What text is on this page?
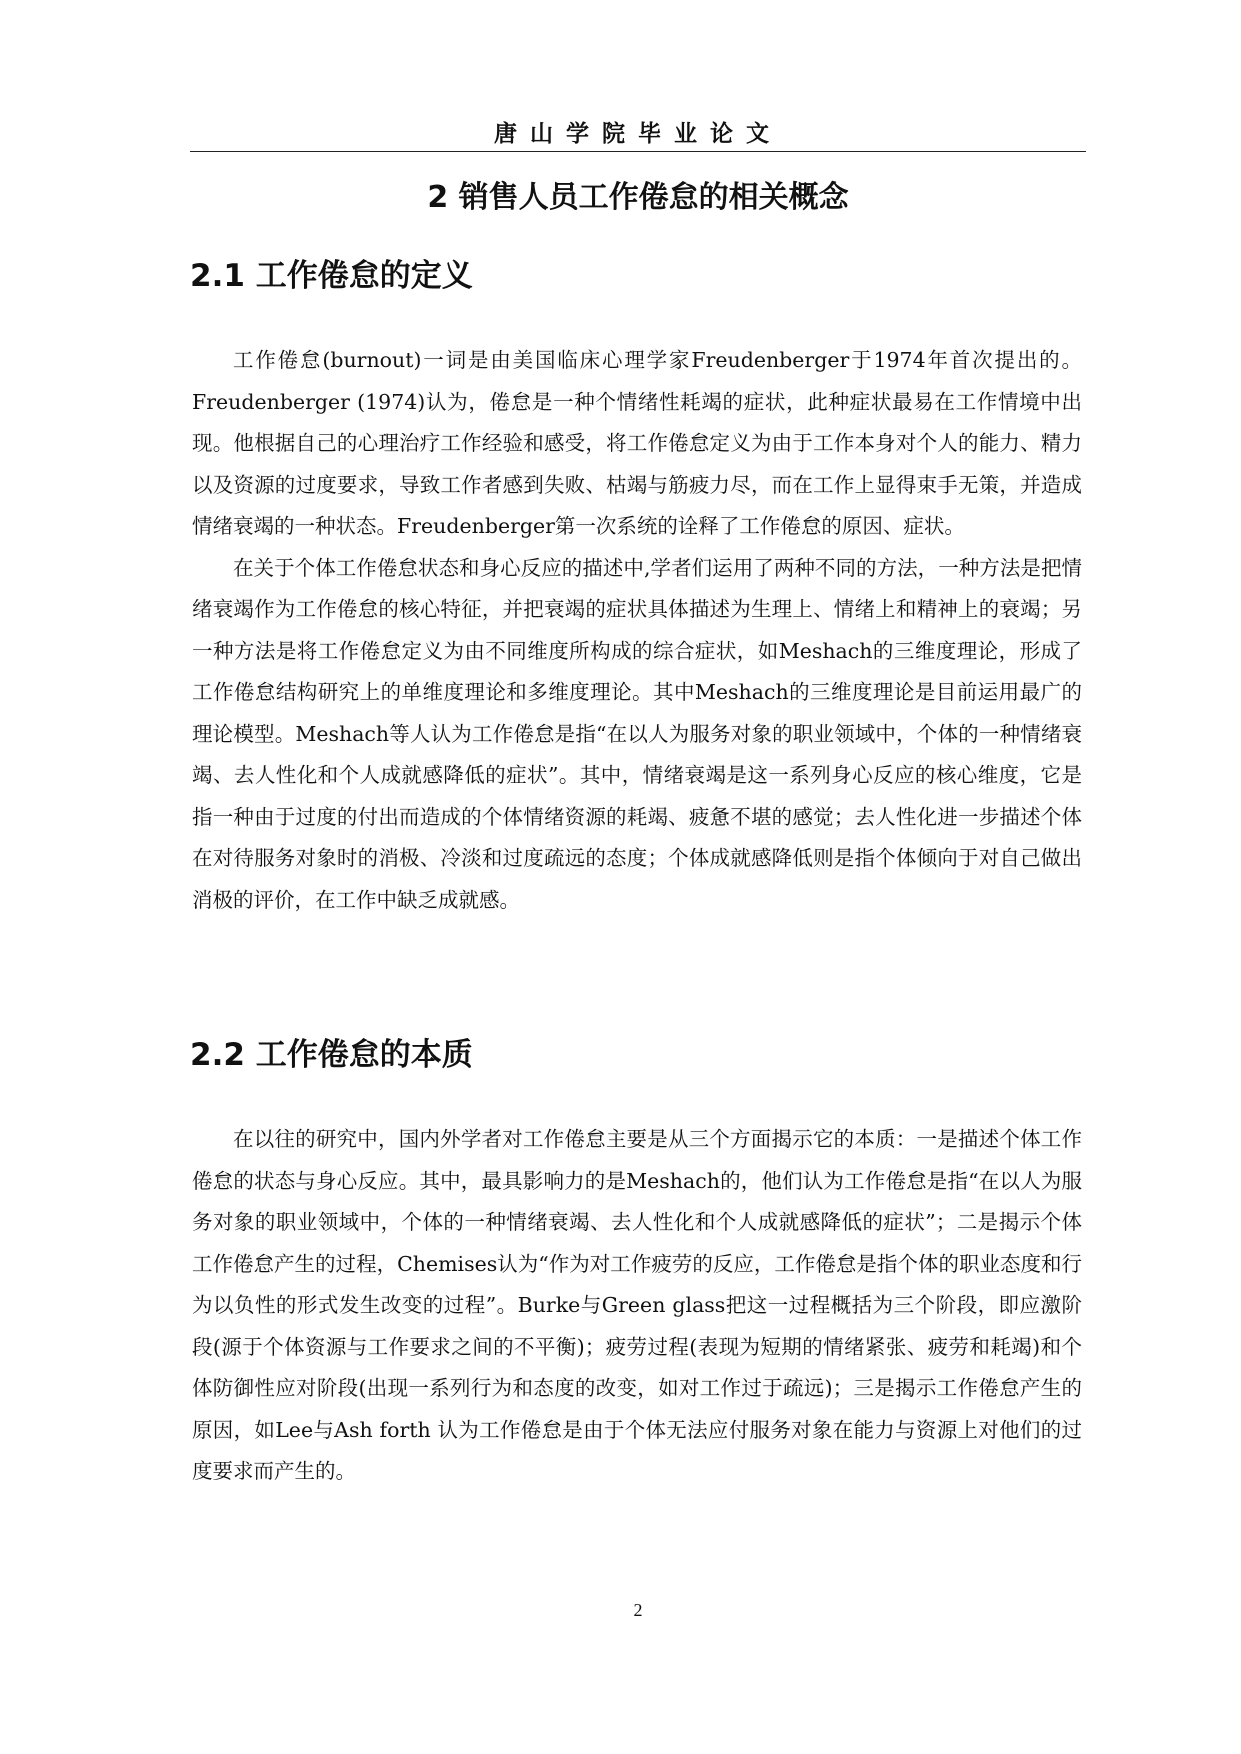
唐山学院毕业论文
2 销售人员工作倦怠的相关概念
2.1 工作倦怠的定义

工作倦怠(burnout)一词是由美国临床心理学家Freudenberger于1974年首次提出的。Freudenberger (1974)认为，倦怠是一种个情绪性耗竭的症状，此种症状最易在工作情境中出现。他根据自己的心理治疗工作经验和感受，将工作倦怠定义为由于工作本身对个人的能力、精力以及资源的过度要求，导致工作者感到失败、枯竭与筋疲力尽，而在工作上显得束手无策，并造成情绪衰竭的一种状态。Freudenberger第一次系统的诠释了工作倦怠的原因、症状。

在关于个体工作倦怠状态和身心反应的描述中,学者们运用了两种不同的方法，一种方法是把情绪衰竭作为工作倦怠的核心特征，并把衰竭的症状具体描述为生理上、情绪上和精神上的衰竭；另一种方法是将工作倦怠定义为由不同维度所构成的综合症状，如Meshach的三维度理论，形成了工作倦怠结构研究上的单维度理论和多维度理论。其中Meshach的三维度理论是目前运用最广的理论模型。Meshach等人认为工作倦怠是指“在以人为服务对象的职业领域中，个体的一种情绪衰竭、去人性化和个人成就感降低的症状”。其中，情绪衰竭是这一系列身心反应的核心维度，它是指一种由于过度的付出而造成的个体情绪资源的耗竭、疲惫不堪的感觉；去人性化进一步描述个体在对待服务对象时的消极、冷淡和过度疏远的态度；个体成就感降低则是指个体倾向于对自己做出消极的评价，在工作中缺乏成就感。

2.2 工作倦怠的本质

在以往的研究中，国内外学者对工作倦怠主要是从三个方面揭示它的本质：一是描述个体工作倦怠的状态与身心反应。其中，最具影响力的是Meshach的，他们认为工作倦怠是指“在以人为服务对象的职业领域中，个体的一种情绪衰竭、去人性化和个人成就感降低的症状”；二是揭示个体工作倦怠产生的过程，Chemises认为“作为对工作疲劳的反应，工作倦怠是指个体的职业态度和行为以负性的形式发生改变的过程”。Burke与Green glass把这一过程概括为三个阶段，即应激阶段(源于个体资源与工作要求之间的不平衡)；疲劳过程(表现为短期的情绪紧张、疲劳和耗竭)和个体防御性应对阶段(出现一系列行为和态度的改变，如对工作过于疏远)；三是揭示工作倦怠产生的原因，如Lee与Ash forth 认为工作倦怠是由于个体无法应付服务对象在能力与资源上对他们的过度要求而产生的。

2
